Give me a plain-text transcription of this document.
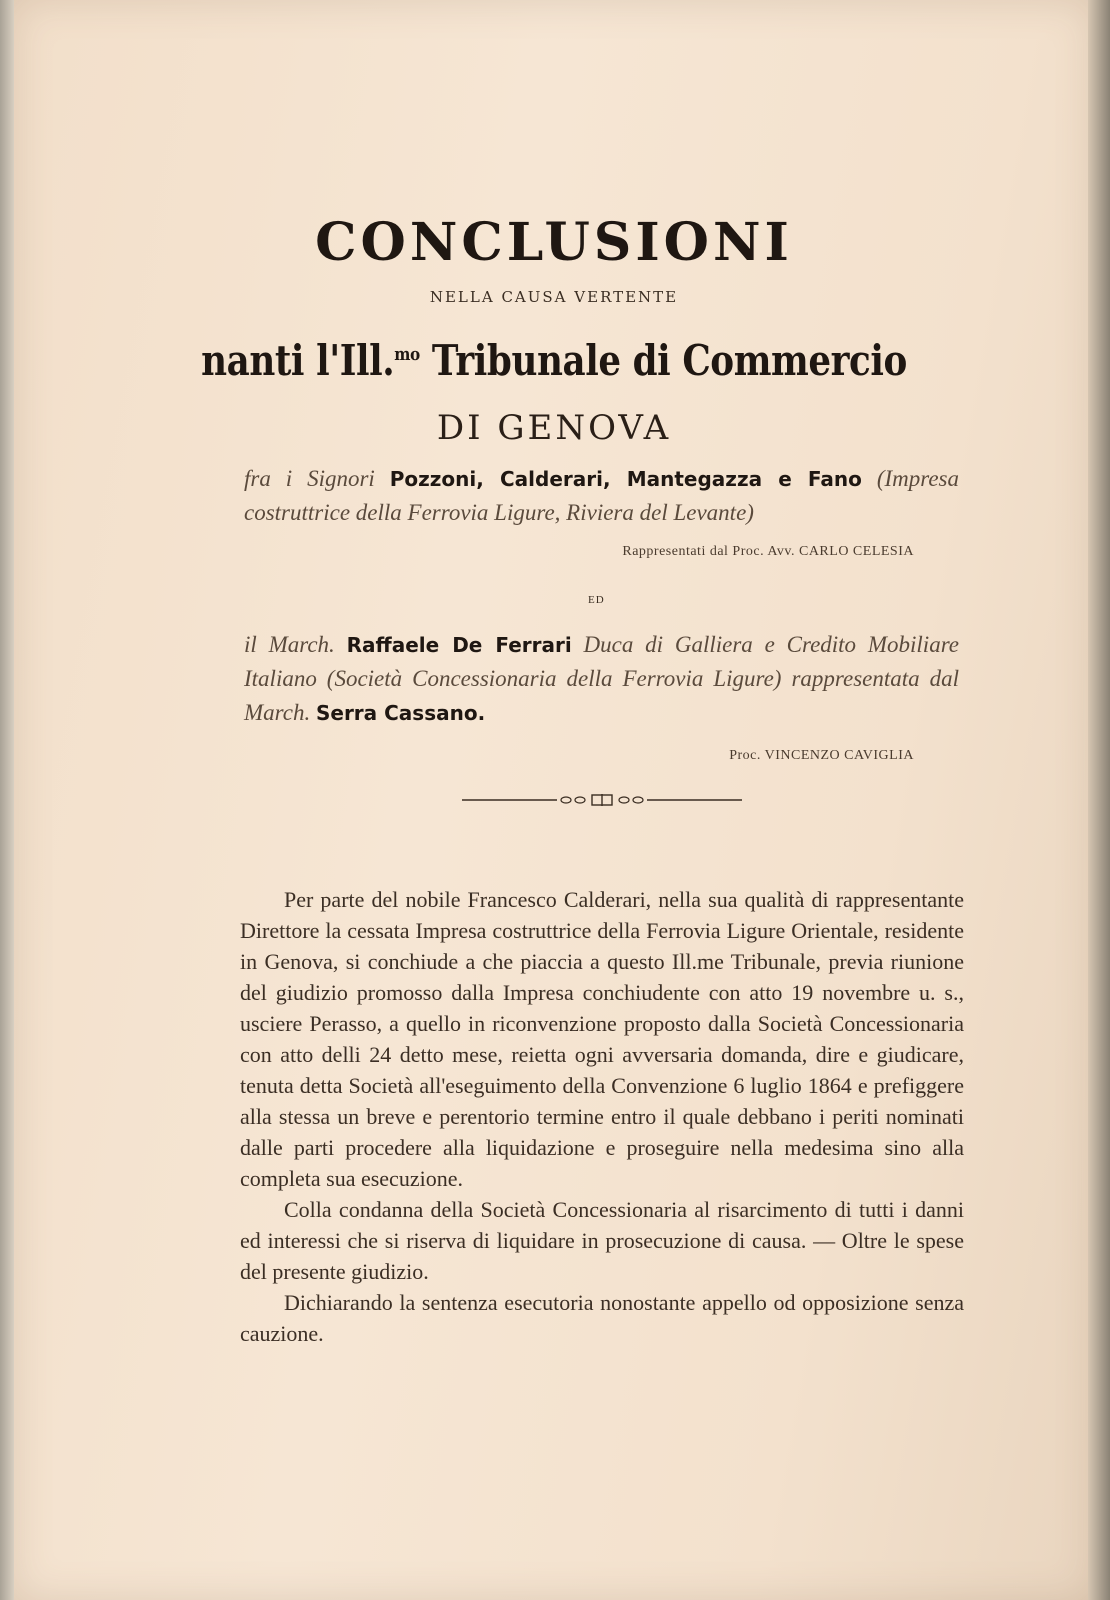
CONCLUSIONI
NELLA CAUSA VERTENTE
nanti l'Ill.$^{mo}$ Tribunale di Commercio
DI GENOVA
fra i Signori Pozzoni, Calderari, Mantegazza e Fano (Impresa costruttrice della Ferrovia Ligure, Riviera del Levante)
Rappresentati dal Proc. Avv. CARLO CELESIA
ED
il March. Raffaele De Ferrari Duca di Galliera e Credito Mobiliare Italiano (Società Concessionaria della Ferrovia Ligure) rappresentata dal March. Serra Cassano.
Proc. VINCENZO CAVIGLIA

Per parte del nobile Francesco Calderari, nella sua qualità di rappresentante Direttore la cessata Impresa costruttrice della Ferrovia Ligure Orientale, residente in Genova, si conchiude a che piaccia a questo Ill.me Tribunale, previa riunione del giudizio promosso dalla Impresa conchiudente con atto 19 novembre u. s., usciere Perasso, a quello in riconvenzione proposto dalla Società Concessionaria con atto delli 24 detto mese, reietta ogni avversaria domanda, dire e giudicare, tenuta detta Società all'eseguimento della Convenzione 6 luglio 1864 e prefiggere alla stessa un breve e perentorio termine entro il quale debbano i periti nominati dalle parti procedere alla liquidazione e proseguire nella medesima sino alla completa sua esecuzione.

Colla condanna della Società Concessionaria al risarcimento di tutti i danni ed interessi che si riserva di liquidare in prosecuzione di causa. — Oltre le spese del presente giudizio.

Dichiarando la sentenza esecutoria nonostante appello od opposizione senza cauzione.
